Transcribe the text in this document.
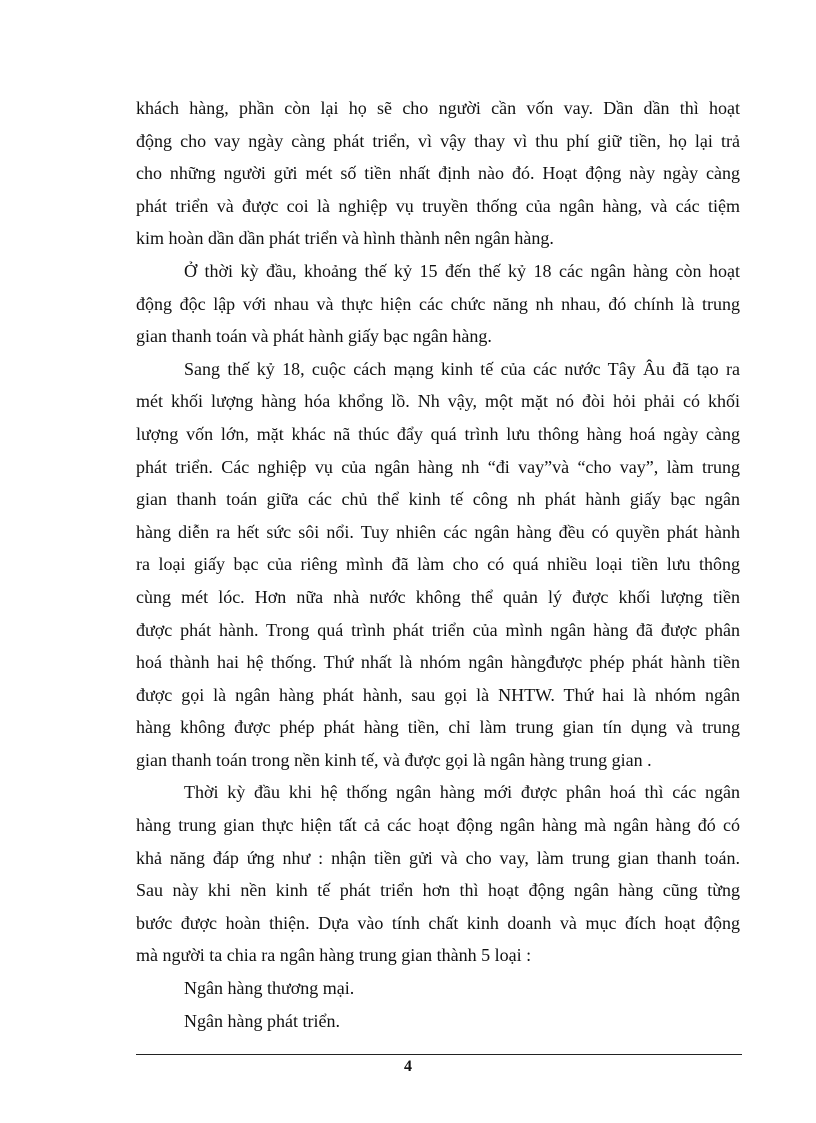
khách hàng, phần còn lại họ sẽ cho người cần vốn vay. Dần dần thì hoạt
động cho vay ngày càng phát triển, vì vậy thay vì thu phí giữ tiền, họ lại trả
cho những người gửi mét số tiền nhất định nào đó. Hoạt động này ngày càng
phát triển và được coi là nghiệp vụ truyền thống của ngân hàng, và các tiệm
kim hoàn dần dần phát triển và hình thành nên ngân hàng.
Ở thời kỳ đầu, khoảng thế kỷ 15 đến thế kỷ 18 các ngân hàng còn hoạt
động độc lập với nhau và thực hiện các chức năng nh nhau, đó chính là trung
gian thanh toán và phát hành giấy bạc ngân hàng.
Sang thế kỷ 18, cuộc cách mạng kinh tế của các nước Tây Âu đã tạo ra
mét khối lượng hàng hóa khổng lồ. Nh vậy, một mặt nó đòi hỏi phải có khối
lượng vốn lớn, mặt khác nã thúc đẩy quá trình lưu thông hàng hoá ngày càng
phát triển. Các nghiệp vụ của ngân hàng nh “đi vay”và “cho vay”, làm trung
gian thanh toán giữa các chủ thể kinh tế công nh phát hành giấy bạc ngân
hàng diễn ra hết sức sôi nổi. Tuy nhiên các ngân hàng đều có quyền phát hành
ra loại giấy bạc của riêng mình đã làm cho có quá nhiều loại tiền lưu thông
cùng mét lóc. Hơn nữa nhà nước không thể quản lý được khối lượng tiền
được phát hành. Trong quá trình phát triển của mình ngân hàng đã được phân
hoá thành hai hệ thống. Thứ nhất là nhóm ngân hàngđược phép phát hành tiền
được gọi là ngân hàng phát hành, sau gọi là NHTW. Thứ hai là nhóm ngân
hàng không được phép phát hàng tiền, chỉ làm trung gian tín dụng và trung
gian thanh toán trong nền kinh tế, và được gọi là ngân hàng trung gian .
Thời kỳ đầu khi hệ thống ngân hàng mới được phân hoá thì các ngân
hàng trung gian thực hiện tất cả các hoạt động ngân hàng mà ngân hàng đó có
khả năng đáp ứng như : nhận tiền gửi và cho vay, làm trung gian thanh toán.
Sau này khi nền kinh tế phát triển hơn thì hoạt động ngân hàng cũng từng
bước được hoàn thiện. Dựa vào tính chất kinh doanh và mục đích hoạt động
mà người ta chia ra ngân hàng trung gian thành 5 loại :
Ngân hàng thương mại.
Ngân hàng phát triển.
4
